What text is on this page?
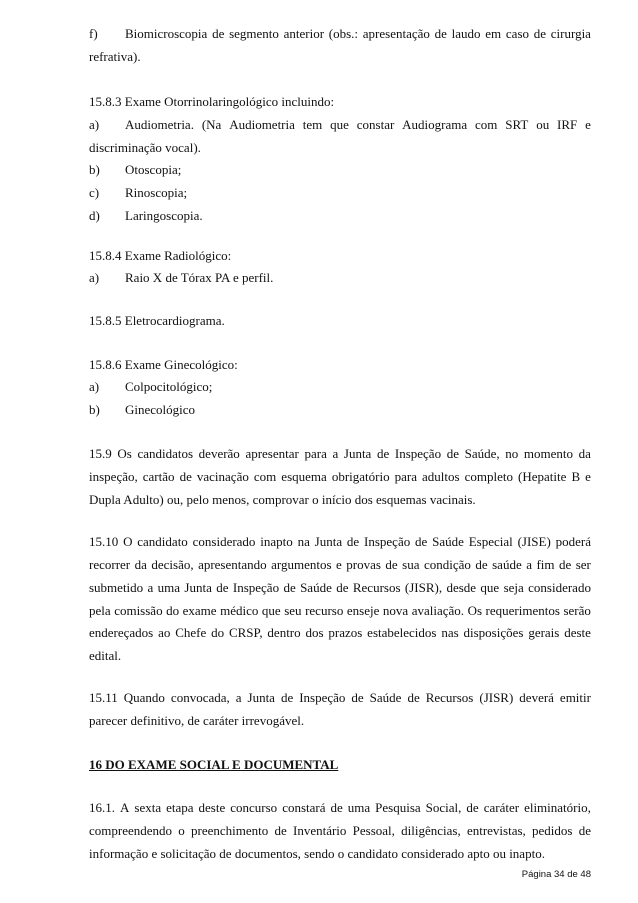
f) Biomicroscopia de segmento anterior (obs.: apresentação de laudo em caso de cirurgia
refrativa).
15.8.3 Exame Otorrinolaringológico incluindo:
a) Audiometria. (Na Audiometria tem que constar Audiograma com SRT ou IRF e
discriminação vocal).
b) Otoscopia;
c) Rinoscopia;
d) Laringoscopia.
15.8.4 Exame Radiológico:
a) Raio X de Tórax PA e perfil.
15.8.5 Eletrocardiograma.
15.8.6 Exame Ginecológico:
a) Colpocitológico;
b) Ginecológico
15.9 Os candidatos deverão apresentar para a Junta de Inspeção de Saúde, no momento da
inspeção, cartão de vacinação com esquema obrigatório para adultos completo (Hepatite B e
Dupla Adulto) ou, pelo menos, comprovar o início dos esquemas vacinais.
15.10 O candidato considerado inapto na Junta de Inspeção de Saúde Especial (JISE) poderá
recorrer da decisão, apresentando argumentos e provas de sua condição de saúde a fim de ser
submetido a uma Junta de Inspeção de Saúde de Recursos (JISR), desde que seja considerado
pela comissão do exame médico que seu recurso enseje nova avaliação. Os requerimentos serão
endereçados ao Chefe do CRSP, dentro dos prazos estabelecidos nas disposições gerais deste
edital.
15.11 Quando convocada, a Junta de Inspeção de Saúde de Recursos (JISR) deverá emitir
parecer definitivo, de caráter irrevogável.
16 DO EXAME SOCIAL E DOCUMENTAL
16.1. A sexta etapa deste concurso constará de uma Pesquisa Social, de caráter eliminatório,
compreendendo o preenchimento de Inventário Pessoal, diligências, entrevistas, pedidos de
informação e solicitação de documentos, sendo o candidato considerado apto ou inapto.
Página 34 de 48
